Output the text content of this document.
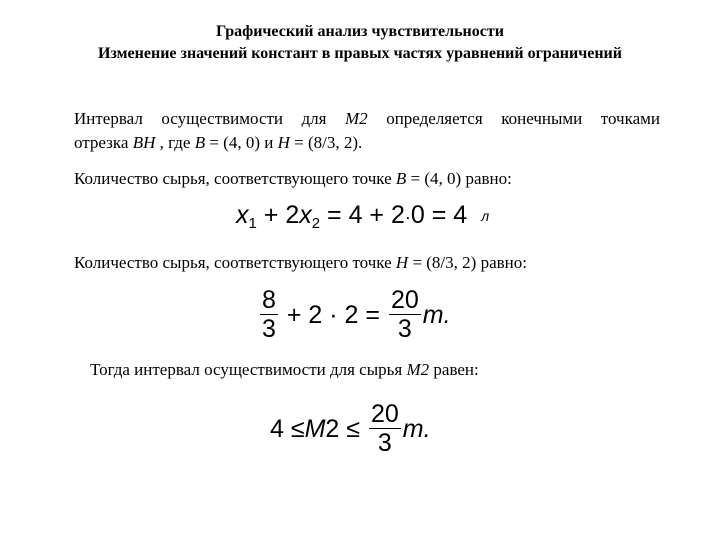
Графический анализ чувствительности
Изменение значений констант в правых частях уравнений ограничений
Интервал осуществимости для M2 определяется конечными точками
отрезка BH , где B = (4, 0) и H = (8/3, 2).
Количество сырья, соответствующего точке B = (4, 0) равно:
$x_1 + 2x_2 = 4 + 2\cdot 0 = 4$ л
Количество сырья, соответствующего точке H = (8/3, 2) равно:
$\frac{8}{3} + 2 \cdot 2 = \frac{20}{3} m$.
Тогда интервал осуществимости для сырья M2 равен:
$4 \le M2 \le \frac{20}{3} m$.
